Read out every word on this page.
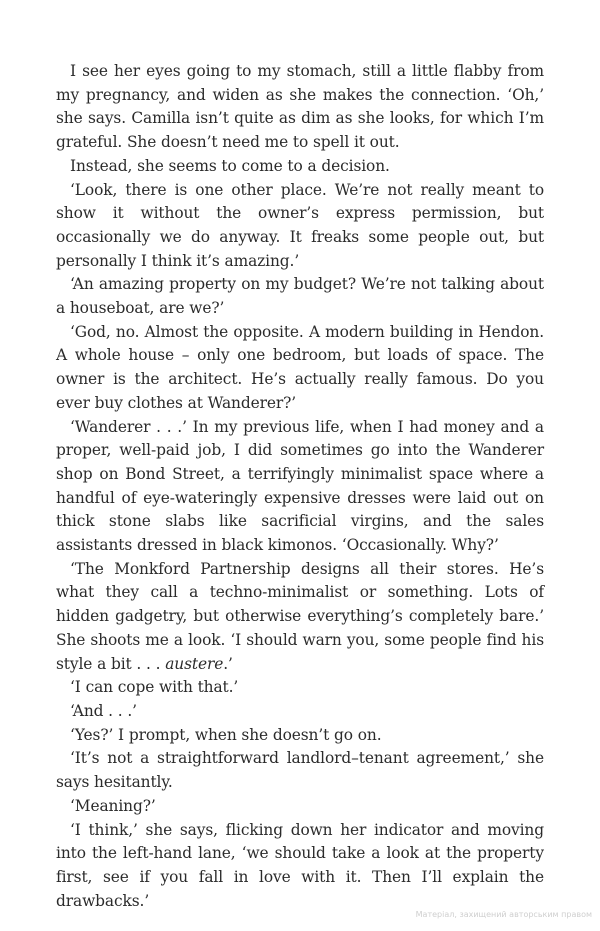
I see her eyes going to my stomach, still a little flabby from my pregnancy, and widen as she makes the connection. ‘Oh,’ she says. Camilla isn’t quite as dim as she looks, for which I’m grateful. She doesn’t need me to spell it out.

Instead, she seems to come to a decision.

‘Look, there is one other place. We’re not really meant to show it without the owner’s express permission, but occasionally we do anyway. It freaks some people out, but personally I think it’s amazing.’

‘An amazing property on my budget? We’re not talking about a houseboat, are we?’

‘God, no. Almost the opposite. A modern building in Hendon. A whole house – only one bedroom, but loads of space. The owner is the architect. He’s actually really famous. Do you ever buy clothes at Wanderer?’

‘Wanderer . . .’ In my previous life, when I had money and a proper, well-paid job, I did sometimes go into the Wanderer shop on Bond Street, a terrifyingly minimalist space where a handful of eye-wateringly expensive dresses were laid out on thick stone slabs like sacrificial virgins, and the sales assistants dressed in black kimonos. ‘Occasionally. Why?’

‘The Monkford Partnership designs all their stores. He’s what they call a techno-minimalist or something. Lots of hidden gadgetry, but otherwise everything’s completely bare.’ She shoots me a look. ‘I should warn you, some people find his style a bit . . . austere.’

‘I can cope with that.’

‘And . . .’

‘Yes?’ I prompt, when she doesn’t go on.

‘It’s not a straightforward landlord–tenant agreement,’ she says hesitantly.

‘Meaning?’

‘I think,’ she says, flicking down her indicator and moving into the left-hand lane, ‘we should take a look at the property first, see if you fall in love with it. Then I’ll explain the drawbacks.’

Матеріал, захищений авторським правом
